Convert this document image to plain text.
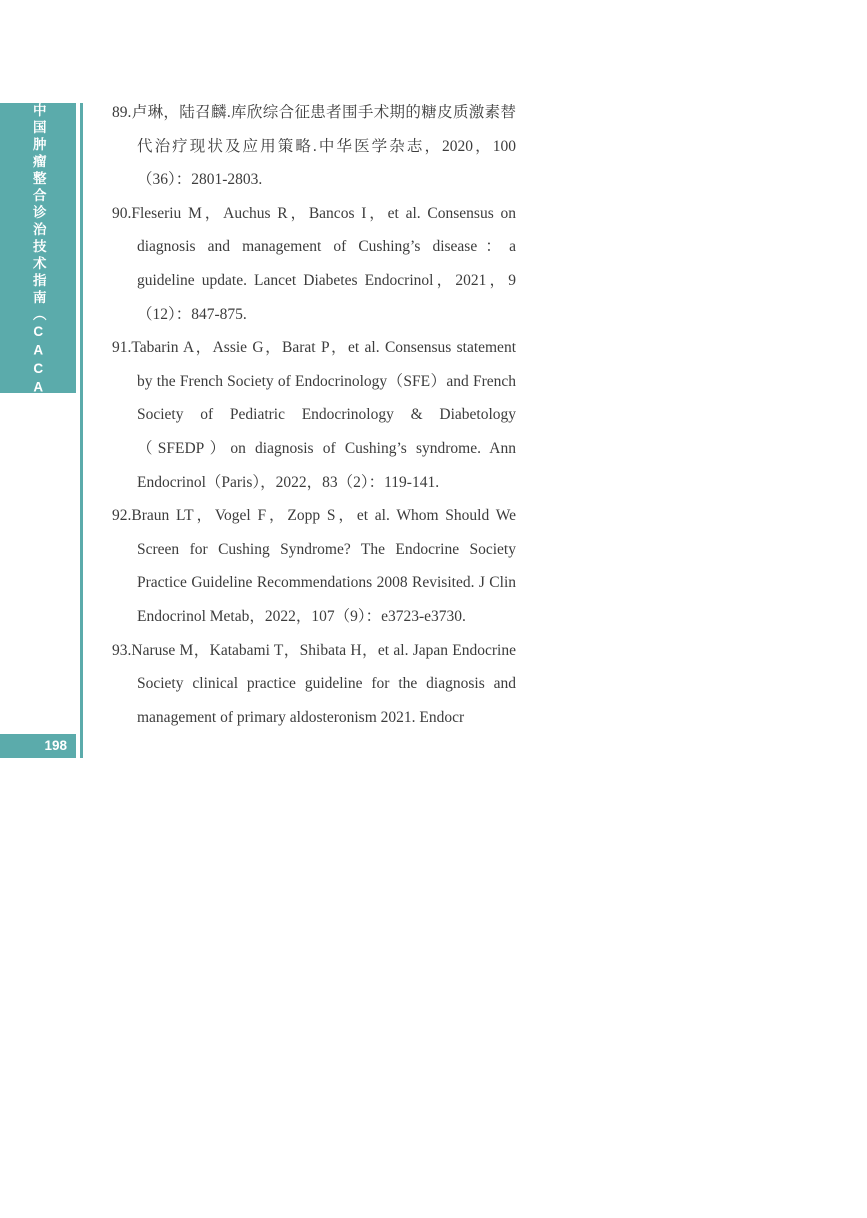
中国肿瘤整合诊治技术指南︵CACA︶
198

89.卢琳，陆召麟.库欣综合征患者围手术期的糖皮质激素替代治疗现状及应用策略.中华医学杂志，2020，100（36）：2801-2803.

90.Fleseriu M，Auchus R，Bancos I，et al. Consensus on diagnosis and management of Cushing’s disease：a guideline update. Lancet Diabetes Endocrinol，2021，9（12）：847-875.

91.Tabarin A，Assie G，Barat P，et al. Consensus statement by the French Society of Endocrinology（SFE）and French Society of Pediatric Endocrinology & Diabetology（SFEDP）on diagnosis of Cushing’s syndrome. Ann Endocrinol（Paris），2022，83（2）：119-141.

92.Braun LT，Vogel F，Zopp S，et al. Whom Should We Screen for Cushing Syndrome? The Endocrine Society Practice Guideline Recommendations 2008 Revisited. J Clin Endocrinol Metab，2022，107（9）：e3723-e3730.

93.Naruse M，Katabami T，Shibata H，et al. Japan Endocrine Society clinical practice guideline for the diagnosis and management of primary aldosteronism 2021. Endocr
